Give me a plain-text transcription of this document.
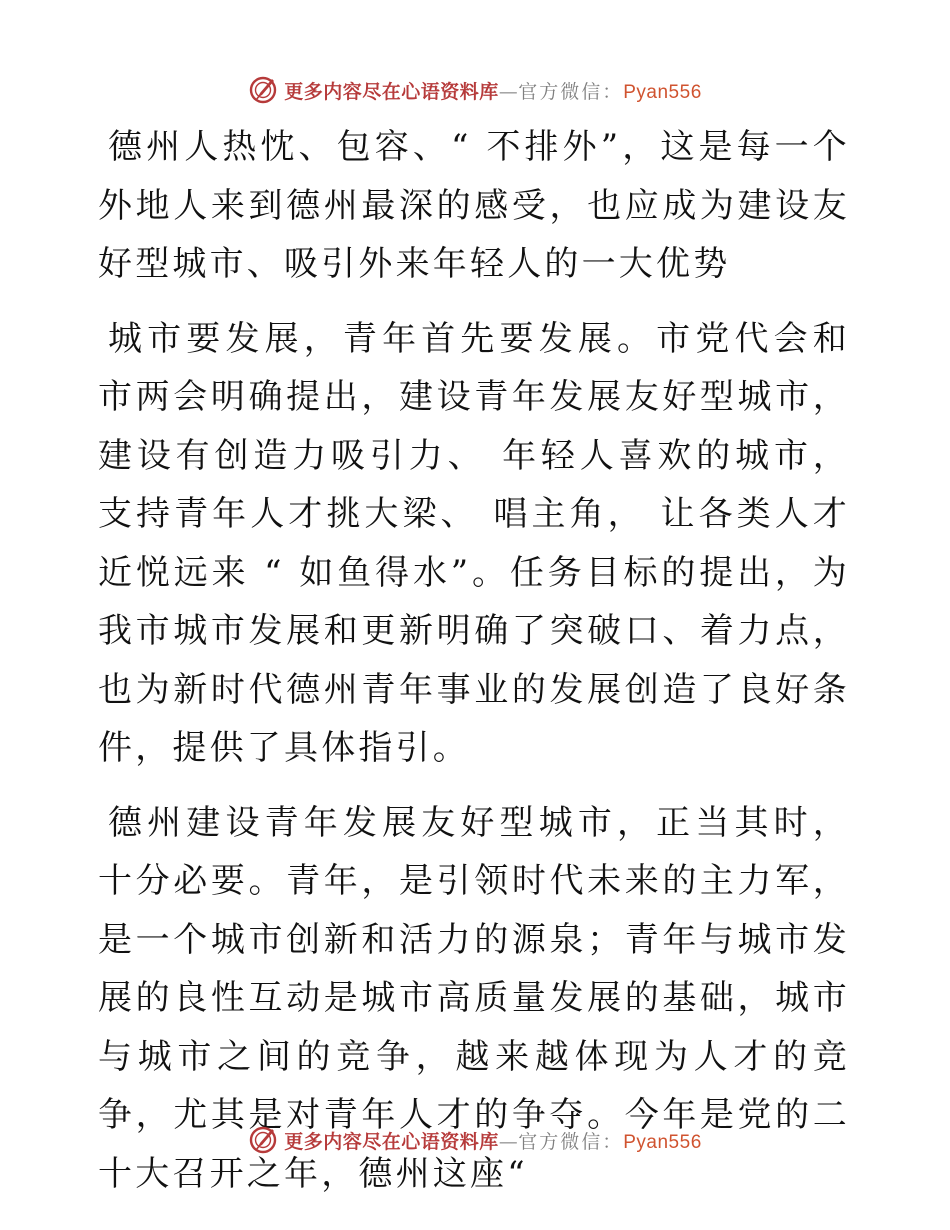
更多内容尽在心语资料库—官方微信：Pyan556

德州人热忱、包容、“ 不排外”，这是每一个外地人来到德州最深的感受，也应成为建设友好型城市、吸引外来年轻人的一大优势

城市要发展，青年首先要发展。市党代会和市两会明确提出，建设青年发展友好型城市，建设有创造力吸引力、 年轻人喜欢的城市， 支持青年人才挑大梁、 唱主角， 让各类人才近悦远来 “ 如鱼得水”。任务目标的提出，为我市城市发展和更新明确了突破口、着力点，也为新时代德州青年事业的发展创造了良好条件，提供了具体指引。

德州建设青年发展友好型城市，正当其时，十分必要。青年，是引领时代未来的主力军，是一个城市创新和活力的源泉；青年与城市发展的良性互动是城市高质量发展的基础，城市与城市之间的竞争，越来越体现为人才的竞争，尤其是对青年人才的争夺。今年是党的二十大召开之年，德州这座“

更多内容尽在心语资料库—官方微信：Pyan556
